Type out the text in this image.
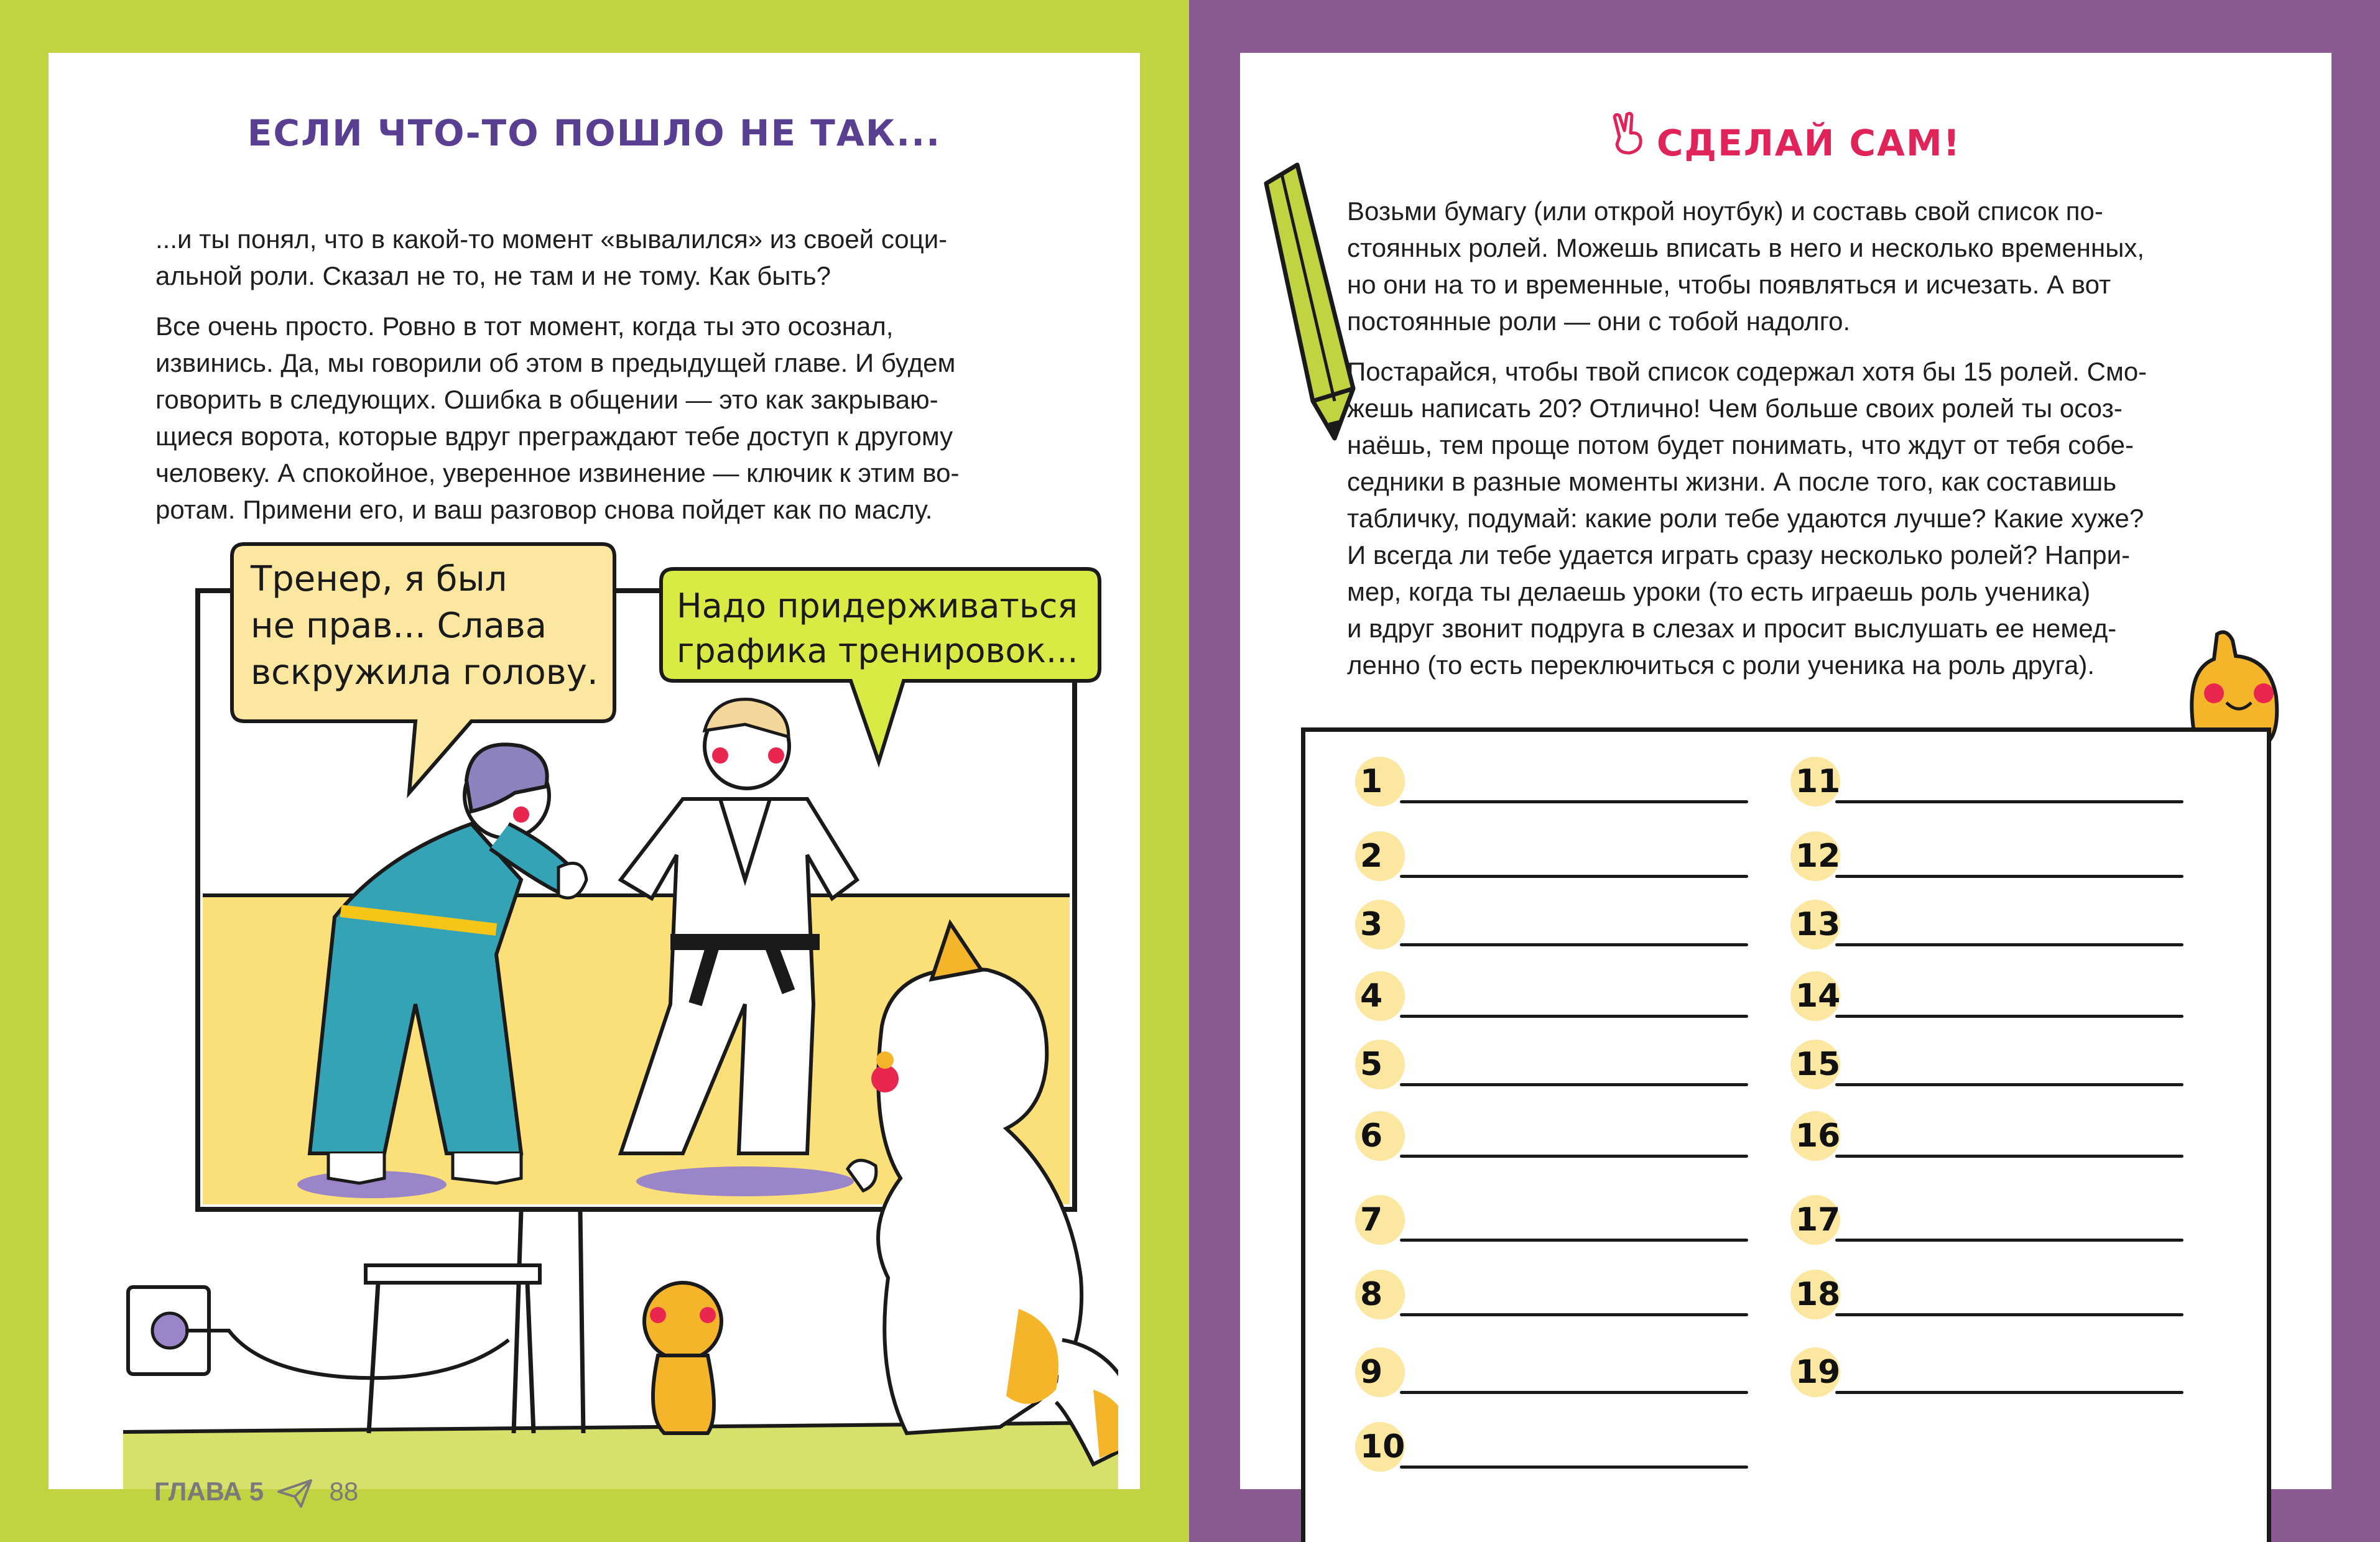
ЕСЛИ ЧТО-ТО ПОШЛО НЕ ТАК...
...и ты понял, что в какой-то момент «вывалился» из своей соци-
альной роли. Сказал не то, не там и не тому. Как быть?
Все очень просто. Ровно в тот момент, когда ты это осознал,
извинись. Да, мы говорили об этом в предыдущей главе. И будем
говорить в следующих. Ошибка в общении — это как закрываю-
щиеся ворота, которые вдруг преграждают тебе доступ к другому
человеку. А спокойное, уверенное извинение — ключик к этим во-
ротам. Примени его, и ваш разговор снова пойдет как по маслу.
Тренер, я был
не прав... Слава
вскружила голову.
Надо придерживаться
графика тренировок...
ГЛАВА 5	88
СДЕЛАЙ САМ!
Возьми бумагу (или открой ноутбук) и составь свой список по-
стоянных ролей. Можешь вписать в него и несколько временных,
но они на то и временные, чтобы появляться и исчезать. А вот
постоянные роли — они с тобой надолго.
Постарайся, чтобы твой список содержал хотя бы 15 ролей. Смо-
жешь написать 20? Отлично! Чем больше своих ролей ты осоз-
наёшь, тем проще потом будет понимать, что ждут от тебя собе-
седники в разные моменты жизни. А после того, как составишь
табличку, подумай: какие роли тебе удаются лучше? Какие хуже?
И всегда ли тебе удается играть сразу несколько ролей? Напри-
мер, когда ты делаешь уроки (то есть играешь роль ученика)
и вдруг звонит подруга в слезах и просит выслушать ее немед-
ленно (то есть переключиться с роли ученика на роль друга).
1
2
3
4
5
6
7
8
9
10
11
12
13
14
15
16
17
18
19
